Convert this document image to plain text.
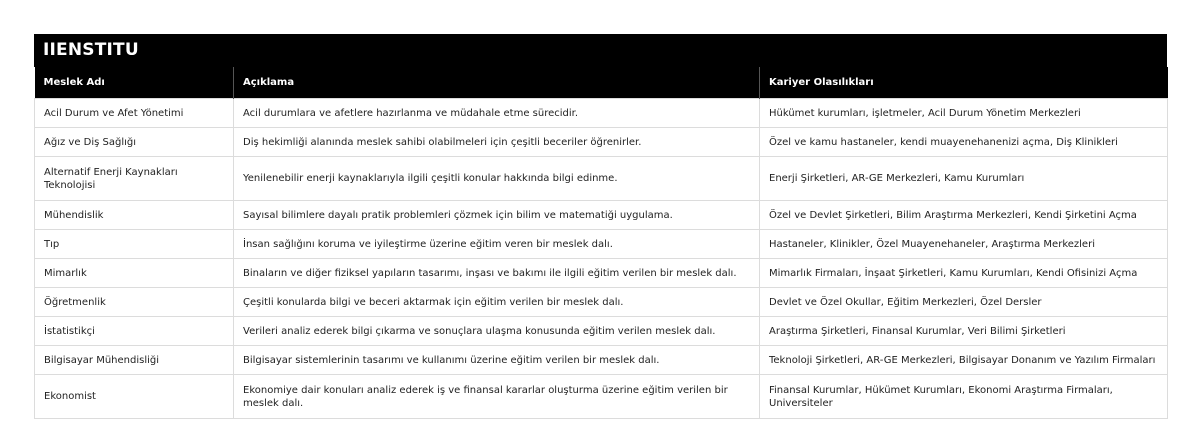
IIENSTITU
Meslek Adı	Açıklama	Kariyer Olasılıkları
Acil Durum ve Afet Yönetimi	Acil durumlara ve afetlere hazırlanma ve müdahale etme sürecidir.	Hükümet kurumları, işletmeler, Acil Durum Yönetim Merkezleri
Ağız ve Diş Sağlığı	Diş hekimliği alanında meslek sahibi olabilmeleri için çeşitli beceriler öğrenirler.	Özel ve kamu hastaneler, kendi muayenehanenizi açma, Diş Klinikleri
Alternatif Enerji Kaynakları Teknolojisi	Yenilenebilir enerji kaynaklarıyla ilgili çeşitli konular hakkında bilgi edinme.	Enerji Şirketleri, AR-GE Merkezleri, Kamu Kurumları
Mühendislik	Sayısal bilimlere dayalı pratik problemleri çözmek için bilim ve matematiği uygulama.	Özel ve Devlet Şirketleri, Bilim Araştırma Merkezleri, Kendi Şirketini Açma
Tıp	İnsan sağlığını koruma ve iyileştirme üzerine eğitim veren bir meslek dalı.	Hastaneler, Klinikler, Özel Muayenehaneler, Araştırma Merkezleri
Mimarlık	Binaların ve diğer fiziksel yapıların tasarımı, inşası ve bakımı ile ilgili eğitim verilen bir meslek dalı.	Mimarlık Firmaları, İnşaat Şirketleri, Kamu Kurumları, Kendi Ofisinizi Açma
Öğretmenlik	Çeşitli konularda bilgi ve beceri aktarmak için eğitim verilen bir meslek dalı.	Devlet ve Özel Okullar, Eğitim Merkezleri, Özel Dersler
İstatistikçi	Verileri analiz ederek bilgi çıkarma ve sonuçlara ulaşma konusunda eğitim verilen meslek dalı.	Araştırma Şirketleri, Finansal Kurumlar, Veri Bilimi Şirketleri
Bilgisayar Mühendisliği	Bilgisayar sistemlerinin tasarımı ve kullanımı üzerine eğitim verilen bir meslek dalı.	Teknoloji Şirketleri, AR-GE Merkezleri, Bilgisayar Donanım ve Yazılım Firmaları
Ekonomist	Ekonomiye dair konuları analiz ederek iş ve finansal kararlar oluşturma üzerine eğitim verilen bir meslek dalı.	Finansal Kurumlar, Hükümet Kurumları, Ekonomi Araştırma Firmaları, Universiteler
